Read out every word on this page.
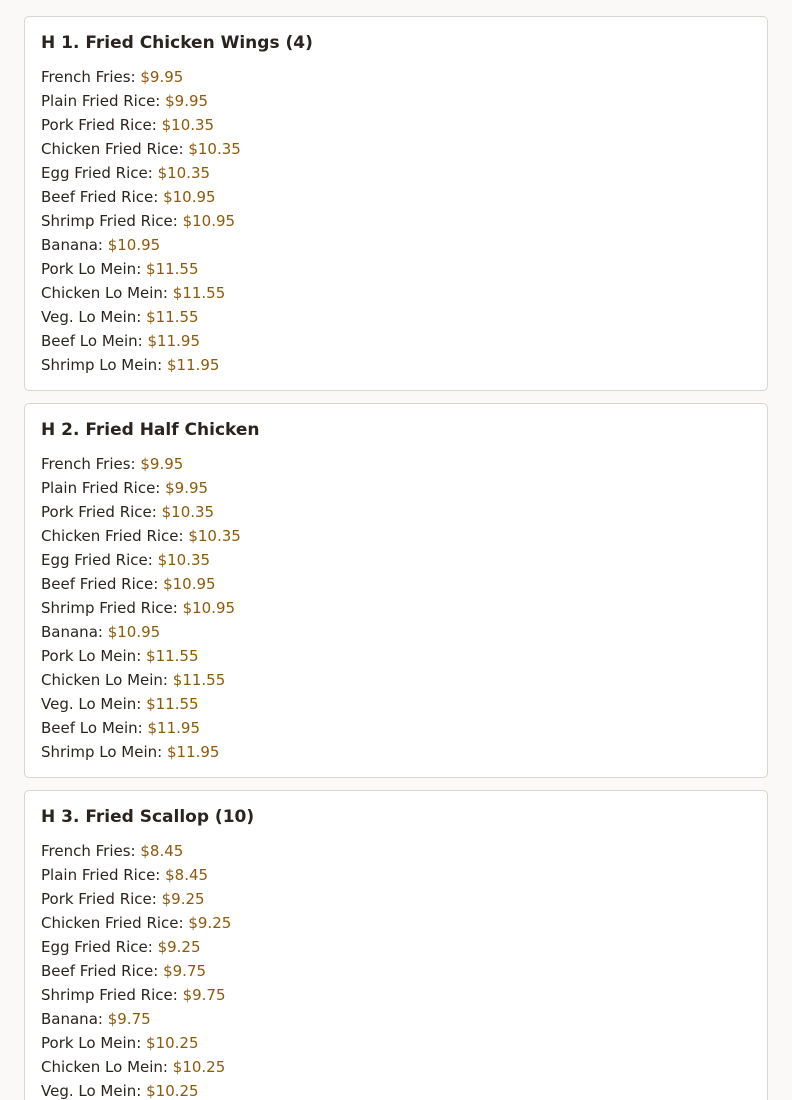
H 1. Fried Chicken Wings (4)
French Fries: $9.95
Plain Fried Rice: $9.95
Pork Fried Rice: $10.35
Chicken Fried Rice: $10.35
Egg Fried Rice: $10.35
Beef Fried Rice: $10.95
Shrimp Fried Rice: $10.95
Banana: $10.95
Pork Lo Mein: $11.55
Chicken Lo Mein: $11.55
Veg. Lo Mein: $11.55
Beef Lo Mein: $11.95
Shrimp Lo Mein: $11.95
H 2. Fried Half Chicken
French Fries: $9.95
Plain Fried Rice: $9.95
Pork Fried Rice: $10.35
Chicken Fried Rice: $10.35
Egg Fried Rice: $10.35
Beef Fried Rice: $10.95
Shrimp Fried Rice: $10.95
Banana: $10.95
Pork Lo Mein: $11.55
Chicken Lo Mein: $11.55
Veg. Lo Mein: $11.55
Beef Lo Mein: $11.95
Shrimp Lo Mein: $11.95
H 3. Fried Scallop (10)
French Fries: $8.45
Plain Fried Rice: $8.45
Pork Fried Rice: $9.25
Chicken Fried Rice: $9.25
Egg Fried Rice: $9.25
Beef Fried Rice: $9.75
Shrimp Fried Rice: $9.75
Banana: $9.75
Pork Lo Mein: $10.25
Chicken Lo Mein: $10.25
Veg. Lo Mein: $10.25
